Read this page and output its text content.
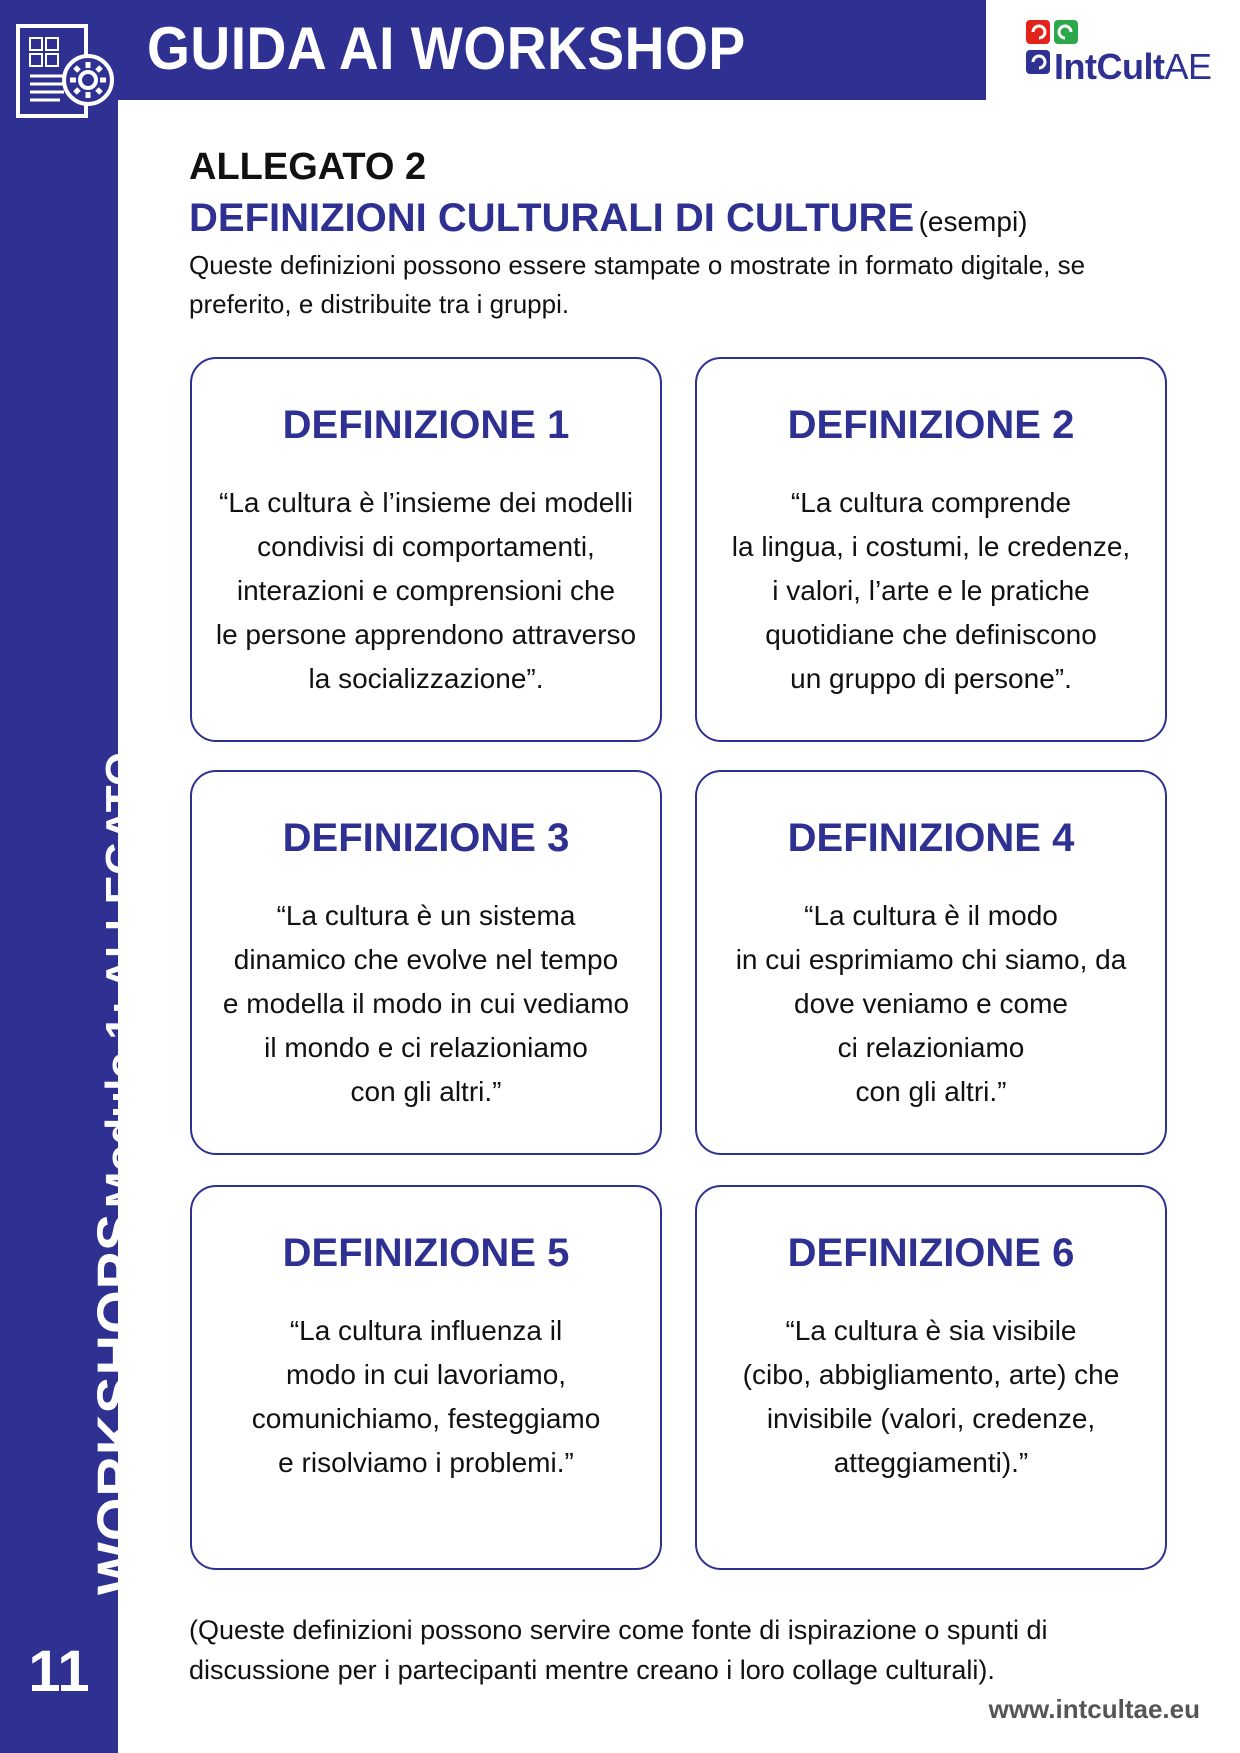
GUIDA AI WORKSHOP	IntCultAE
WORKSHOPS Modulo 1: ALLEGATO
11
ALLEGATO 2
DEFINIZIONI CULTURALI DI CULTURE (esempi)
Queste definizioni possono essere stampate o mostrate in formato digitale, se preferito, e distribuite tra i gruppi.
DEFINIZIONE 1
“La cultura è l’insieme dei modelli
condivisi di comportamenti,
interazioni e comprensioni che
le persone apprendono attraverso
la socializzazione”.
DEFINIZIONE 2
“La cultura comprende
la lingua, i costumi, le credenze,
i valori, l’arte e le pratiche
quotidiane che definiscono
un gruppo di persone”.
DEFINIZIONE 3
“La cultura è un sistema
dinamico che evolve nel tempo
e modella il modo in cui vediamo
il mondo e ci relazioniamo
con gli altri.”
DEFINIZIONE 4
“La cultura è il modo
in cui esprimiamo chi siamo, da
dove veniamo e come
ci relazioniamo
con gli altri.”
DEFINIZIONE 5
“La cultura influenza il
modo in cui lavoriamo,
comunichiamo, festeggiamo
e risolviamo i problemi.”
DEFINIZIONE 6
“La cultura è sia visibile
(cibo, abbigliamento, arte) che
invisibile (valori, credenze,
atteggiamenti).”
(Queste definizioni possono servire come fonte di ispirazione o spunti di discussione per i partecipanti mentre creano i loro collage culturali).
www.intcultae.eu
